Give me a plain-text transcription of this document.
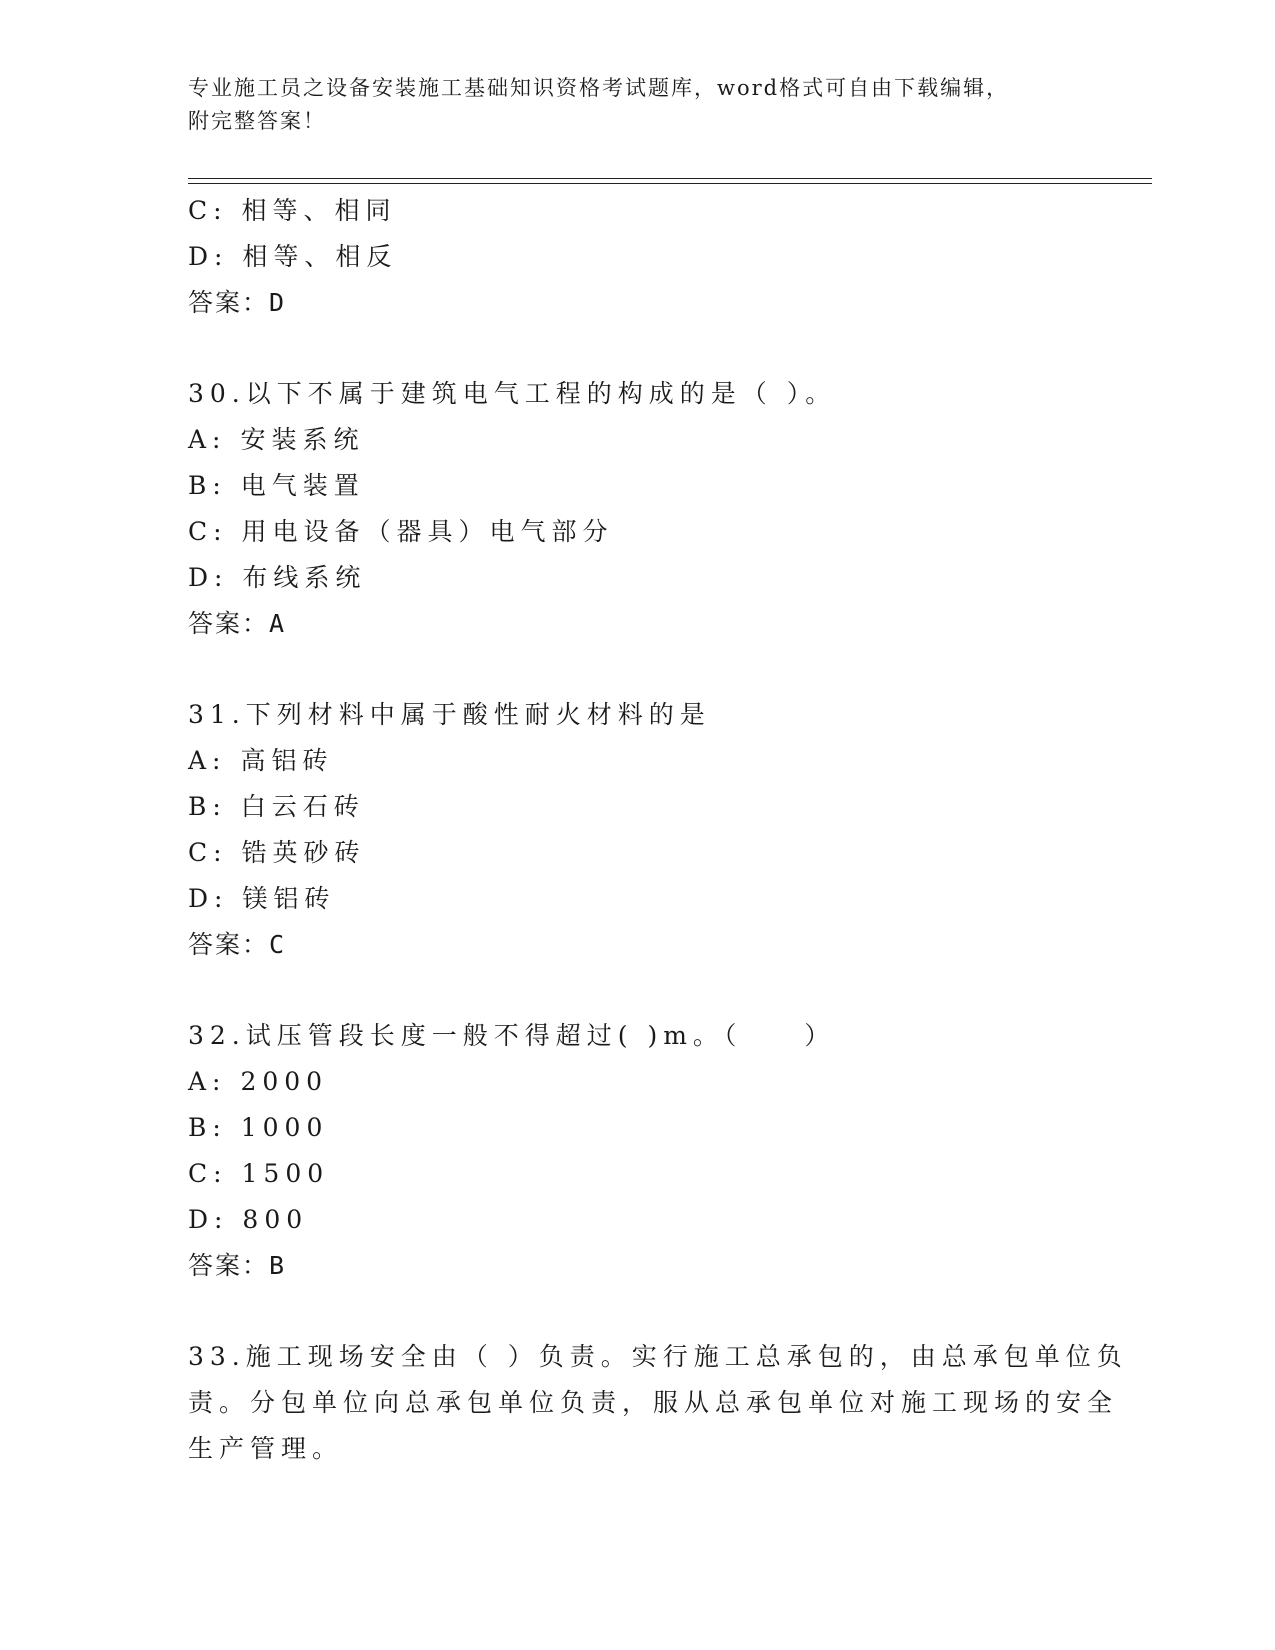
专业施工员之设备安装施工基础知识资格考试题库，word格式可自由下载编辑，
附完整答案！
C: 相等、相同
D: 相等、相反
答案：D
30.以下不属于建筑电气工程的构成的是（ ）。
A: 安装系统
B: 电气装置
C: 用电设备（器具）电气部分
D: 布线系统
答案：A
31.下列材料中属于酸性耐火材料的是
A: 高铝砖
B: 白云石砖
C: 锆英砂砖
D: 镁铝砖
答案：C
32.试压管段长度一般不得超过( )m。（　　）
A: 2000
B: 1000
C: 1500
D: 800
答案：B
33.施工现场安全由（ ）负责。实行施工总承包的，由总承包单位负
责。分包单位向总承包单位负责，服从总承包单位对施工现场的安全
生产管理。
